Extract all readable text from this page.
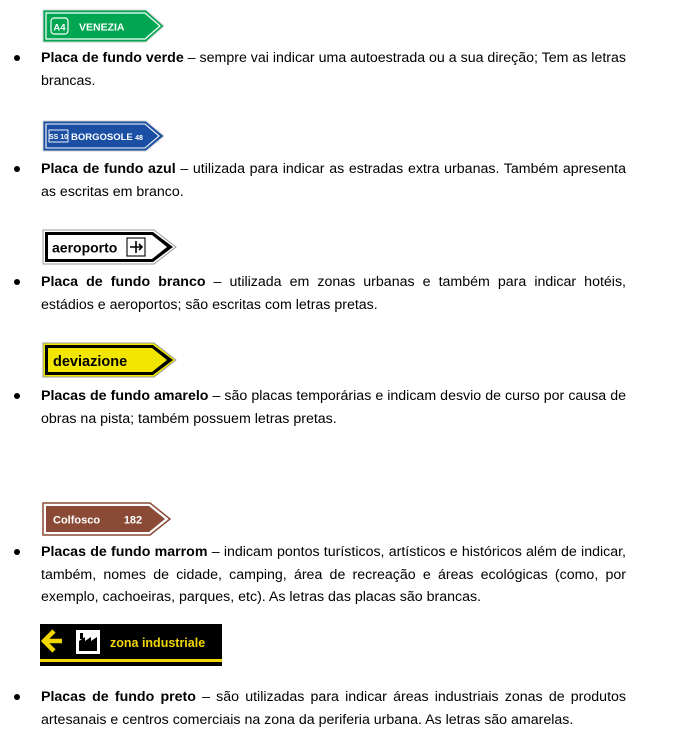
A4 VENEZIA
SS 10 BORGOSOLE 48
aeroporto
deviazione
Colfosco 182
zona industriale
Placa de fundo verde – sempre vai indicar uma autoestrada ou a sua direção; Tem as letras brancas.
Placa de fundo azul – utilizada para indicar as estradas extra urbanas. Também apresenta as escritas em branco.
Placa de fundo branco – utilizada em zonas urbanas e também para indicar hotéis, estádios e aeroportos; são escritas com letras pretas.
Placas de fundo amarelo – são placas temporárias e indicam desvio de curso por causa de obras na pista; também possuem letras pretas.
Placas de fundo marrom – indicam pontos turísticos, artísticos e históricos além de indicar, também, nomes de cidade, camping, área de recreação e áreas ecológicas (como, por exemplo, cachoeiras, parques, etc). As letras das placas são brancas.
Placas de fundo preto – são utilizadas para indicar áreas industriais zonas de produtos artesanais e centros comerciais na zona da periferia urbana. As letras são amarelas.
